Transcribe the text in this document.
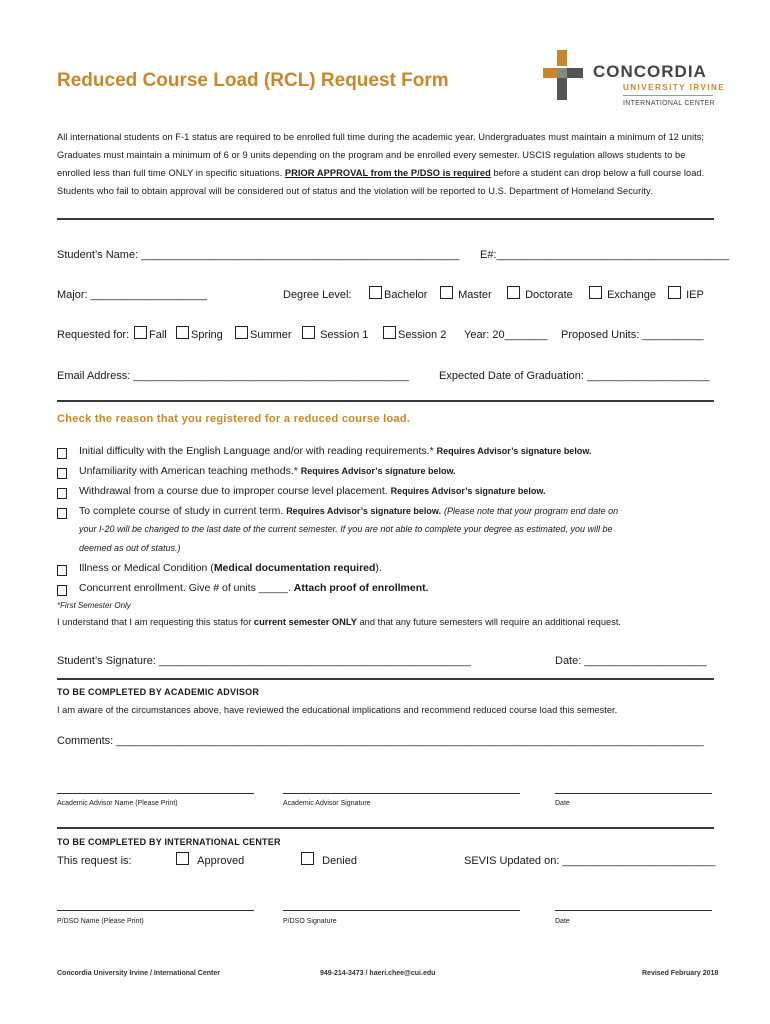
Reduced Course Load (RCL) Request Form	CONCORDIA
UNIVERSITY IRVINE
INTERNATIONAL CENTER
All international students on F-1 status are required to be enrolled full time during the academic year. Undergraduates must maintain a minimum of 12 units; Graduates must maintain a minimum of 6 or 9 units depending on the program and be enrolled every semester. USCIS regulation allows students to be enrolled less than full time ONLY in specific situations. PRIOR APPROVAL from the P/DSO is required before a student can drop below a full course load. Students who fail to obtain approval will be considered out of status and the violation will be reported to U.S. Department of Homeland Security.
Student’s Name: ____________________________________________________ E#:______________________________________
Major: ___________________	Degree Level:	Bachelor	Master	Doctorate	Exchange	IEP
Requested for:	Fall	Spring	Summer	Session 1	Session 2 Year: 20_______ Proposed Units: __________
Email Address: _____________________________________________	Expected Date of Graduation: ____________________
Check the reason that you registered for a reduced course load.
Initial difficulty with the English Language and/or with reading requirements.* Requires Advisor’s signature below.
Unfamiliarity with American teaching methods.* Requires Advisor’s signature below.
Withdrawal from a course due to improper course level placement. Requires Advisor’s signature below.
To complete course of study in current term. Requires Advisor’s signature below. (Please note that your program end date on
your I-20 will be changed to the last date of the current semester. If you are not able to complete your degree as estimated, you will be
deemed as out of status.)
Illness or Medical Condition (Medical documentation required).
Concurrent enrollment. Give # of units _____. Attach proof of enrollment.
*First Semester Only
I understand that I am requesting this status for current semester ONLY and that any future semesters will require an additional request.
Student’s Signature: ___________________________________________________	Date: ____________________
TO BE COMPLETED BY ACADEMIC ADVISOR
I am aware of the circumstances above, have reviewed the educational implications and recommend reduced course load this semester.
Comments: ________________________________________________________________________________________________
Academic Advisor Name (Please Print)	Academic Advisor Signature	Date
TO BE COMPLETED BY INTERNATIONAL CENTER
This request is:	Approved	Denied	SEVIS Updated on: _________________________
P/DSO Name (Please Print)	P/DSO Signature	Date
Concordia University Irvine / International Center	949-214-3473 / haeri.chee@cui.edu	Revised February 2018
